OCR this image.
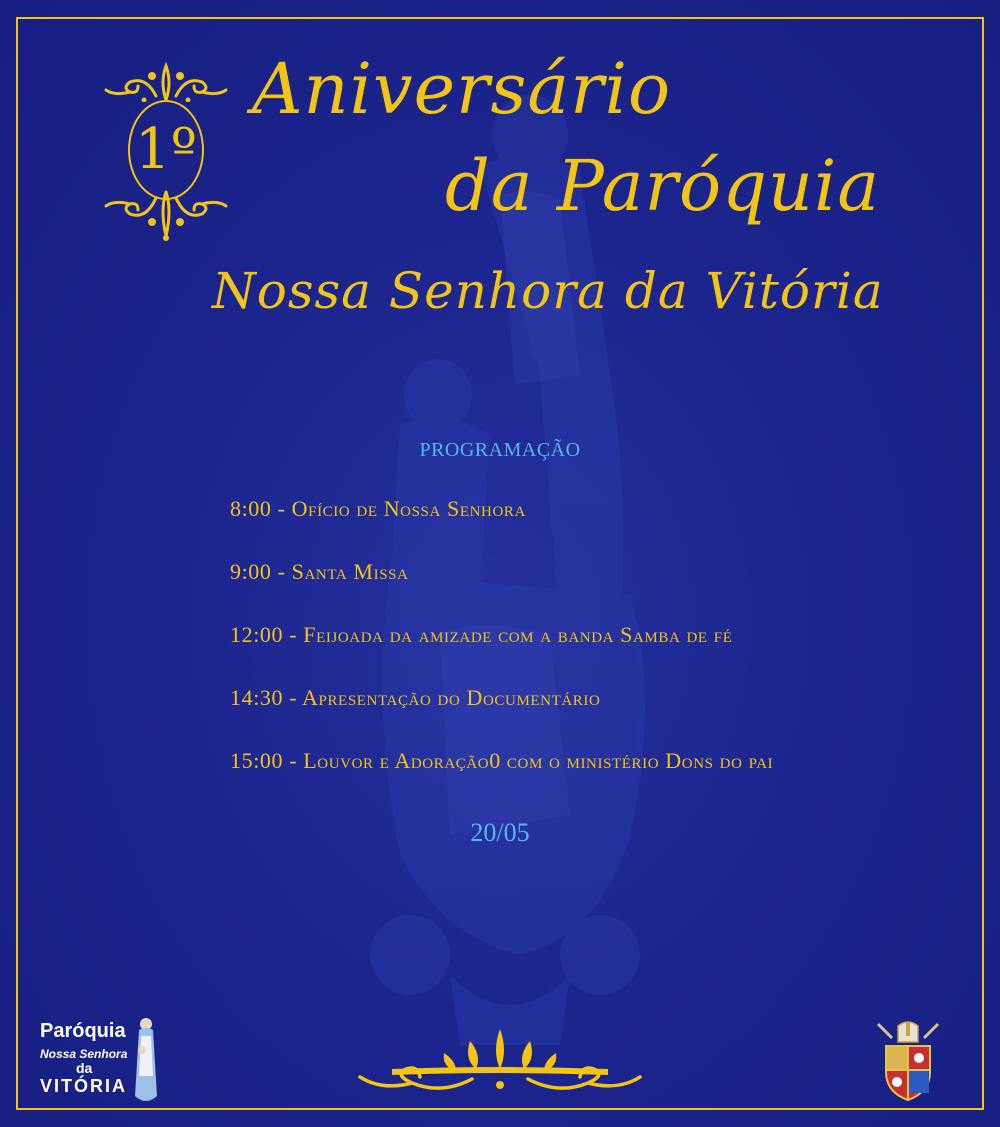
1º
Aniversário
da Paróquia
Nossa Senhora da Vitória
PROGRAMAÇÃO
8:00 - Ofício de Nossa Senhora
9:00 - Santa Missa
12:00 - Feijoada da amizade com a banda Samba de fé
14:30 - Apresentação do Documentário
15:00 - Louvor e Adoração0 com o ministério Dons do pai
20/05
Paróquia
Nossa Senhora
da
VITÓRIA
